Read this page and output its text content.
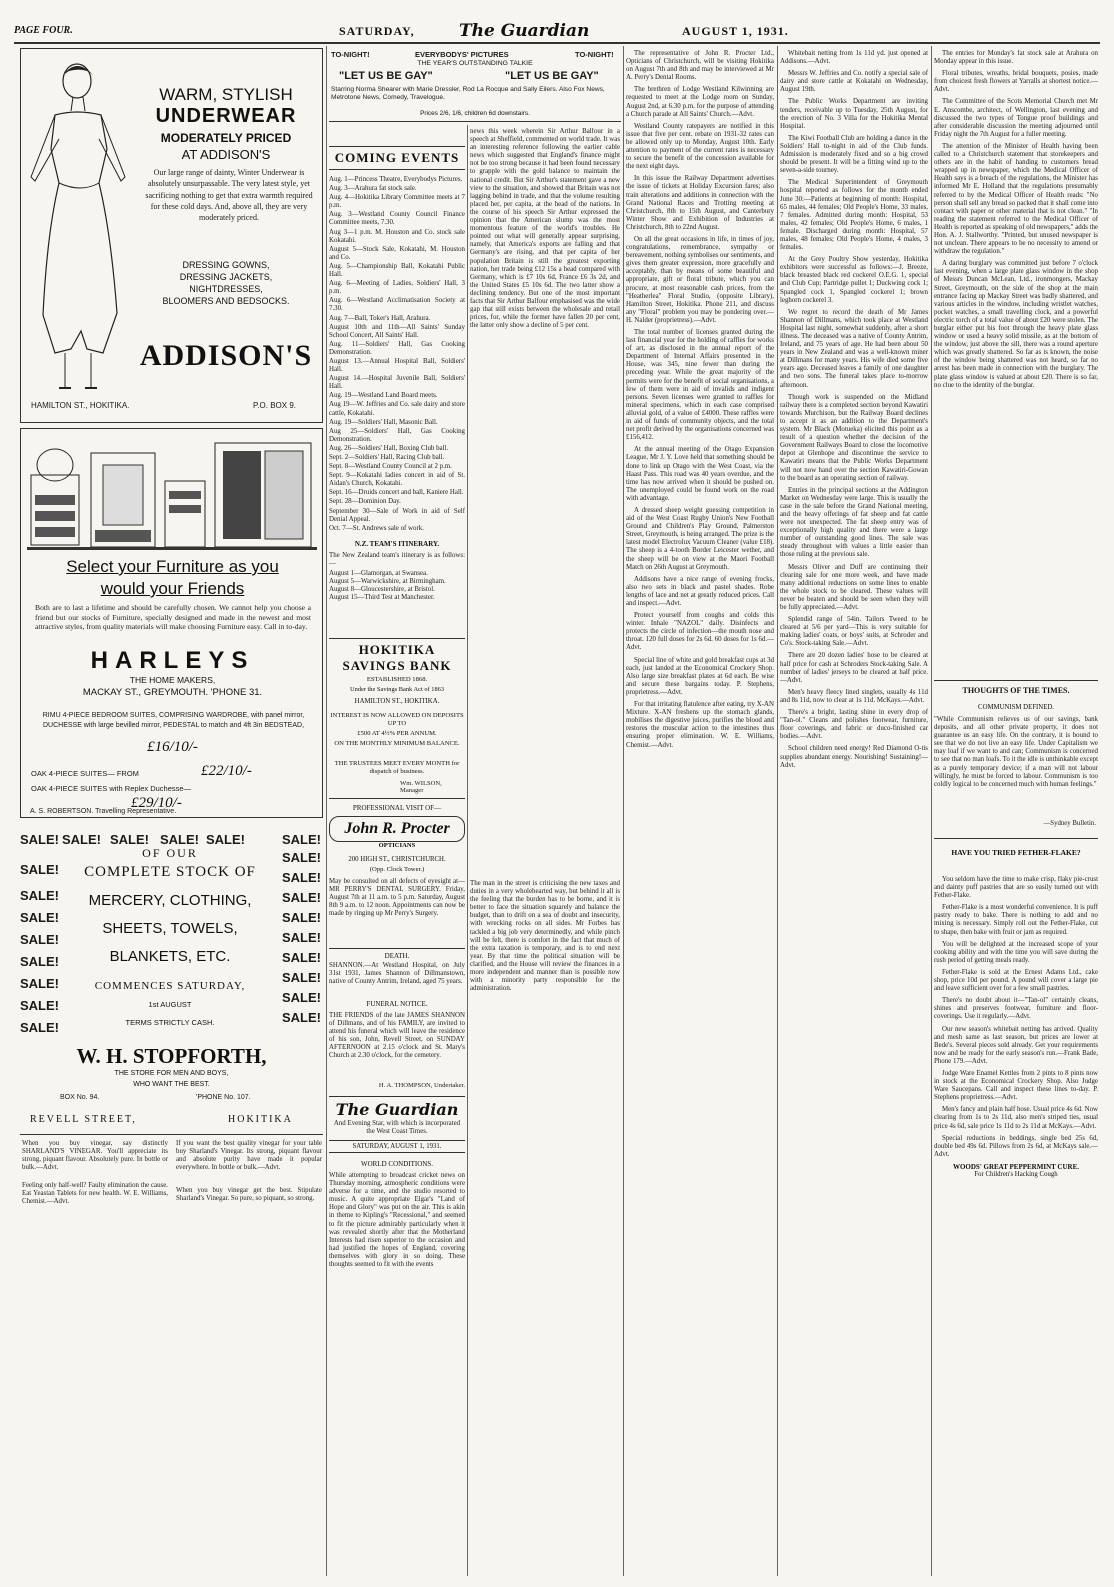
PAGE FOUR.	SATURDAY,	The Guardian	AUGUST 1, 1931.
WARM, STYLISH
UNDERWEAR
MODERATELY PRICED
AT ADDISON'S
Our large range of dainty, Winter Underwear is absolutely unsurpassable. The very latest style, yet sacrificing nothing to get that extra warmth required for these cold days. And, above all, they are very moderately priced.
DRESSING GOWNS,
DRESSING JACKETS,
NIGHTDRESSES,
BLOOMERS AND BEDSOCKS.
ADDISON'S
HAMILTON ST., HOKITIKA.	P.O. BOX 9.
Select your Furniture as you
would your Friends
Both are to last a lifetime and should be carefully chosen. We cannot help you choose a friend but our stocks of Furniture, specially designed and made in the newest and most attractive styles, from quality materials will make choosing Furniture easy. Call in to-day.
HARLEYS
THE HOME MAKERS,
MACKAY ST., GREYMOUTH. 'PHONE 31.
RIMU 4-PIECE BEDROOM SUITES, COMPRISING WARDROBE, with panel mirror, DUCHESSE with large bevilled mirror, PEDESTAL to match and 4ft 3in BEDSTEAD,
£16/10/-
OAK 4-PIECE SUITES— FROM	£22/10/-
OAK 4-PIECE SUITES with Replex Duchesse—
£29/10/-
A. S. ROBERTSON. Travelling Representative.
SALE! SALE! SALE! SALE! SALE!	SALE!
OF OUR	SALE!
SALE!	COMPLETE STOCK OF	SALE!
SALE!	SALE!
MERCERY, CLOTHING,
SALE!	SALE!
SHEETS, TOWELS,
SALE!	SALE!
BLANKETS, ETC.
SALE!	SALE!
SALE!	SALE!
COMMENCES SATURDAY,
SALE!
SALE!
1st AUGUST
TERMS STRICTLY CASH.
SALE!
SALE!
W. H. STOPFORTH,
THE STORE FOR MEN AND BOYS,
WHO WANT THE BEST.
BOX No. 94.	'PHONE No. 107.
REVELL STREET,	HOKITIKA
When you buy vinegar, say distinctly SHARLAND'S VINEGAR. You'll appreciate its strong, piquant flavour. Absolutely pure. In bottle or bulk.—Advt.
Feeling only half-well? Faulty elimination the cause. Eat Yeastan Tablets for new health. W. E. Williams, Chemist.—Advt.
If you want the best quality vinegar for your table buy Sharland's Vinegar. Its strong, piquant flavour and absolute purity have made it popular everywhere. In bottle or bulk.—Advt.
When you buy vinegar get the best. Stipulate Sharland's Vinegar. So pure, so piquant, so strong.
TO-NIGHT!	EVERYBODYS' PICTURES	TO-NIGHT!
THE YEAR'S OUTSTANDING TALKIE
"LET US BE GAY"	"LET US BE GAY"
Starring Norma Shearer with Marie Dressler, Rod La Rocque and Sally Eilers. Also Fox News, Metrotone News, Comedy, Travelogue.
Prices 2/6, 1/6, children 6d downstairs.
COMING EVENTS
Aug. 1—Princess Theatre, Everybodys Pictures.
Aug. 3—Arahura fat stock sale.
Aug. 4—Hokitika Library Committee meets at 7 p.m.
Aug. 3—Westland County Council Finance Committee meets, 7.30.
Aug 3—1 p.m. M. Houston and Co. stock sale Kokatahi.
August 5—Stock Sale, Kokatahi, M. Houston and Co.
Aug. 5—Championship Ball, Kokatahi Public Hall.
Aug. 6—Meeting of Ladies, Soldiers' Hall, 3 p.m.
Aug. 6—Westland Acclimatisation Society at 7.30.
Aug. 7—Ball, Toker's Hall, Arahura.
August 10th and 11th—All Saints' Sunday School Concert, All Saints' Hall.
Aug. 11—Soldiers' Hall, Gas Cooking Demonstration.
August 13.—Annual Hospital Ball, Soldiers' Hall.
August 14.—Hospital Juvenile Ball, Soldiers' Hall.
Aug. 19—Westland Land Board meets.
Aug 19—W. Jeffries and Co. sale dairy and store cattle, Kokatahi.
Aug. 19—Soldiers' Hall, Masonic Ball.
Aug 25—Soldiers' Hall, Gas Cooking Demonstration.
Aug. 26—Soldiers' Hall, Boxing Club ball.
Sept. 2—Soldiers' Hall, Racing Club ball.
Sept. 8—Westland County Council at 2 p.m.
Sept. 9—Kokatahi ladies concert in aid of St. Aidan's Church, Kokatahi.
Sept. 16—Druids concert and ball, Kaniere Hall.
Sept. 28—Dominion Day.
September 30—Sale of Work in aid of Self Denial Appeal.
Oct. 7—St. Andrews sale of work.
N.Z. TEAM'S ITINERARY.
The New Zealand team's itinerary is as follows:—
August 1—Glamorgan, at Swansea.
August 5—Warwickshire, at Birmingham.
August 8—Gloucestershire, at Bristol.
August 15—Third Test at Manchester.
HOKITIKA
SAVINGS BANK
ESTABLISHED 1868.
Under the Savings Bank Act of 1863
HAMILTON ST., HOKITIKA.
INTEREST IS NOW ALLOWED ON DEPOSITS UP TO
£500 AT 4½% PER ANNUM.
ON THE MONTHLY MINIMUM BALANCE.
THE TRUSTEES MEET EVERY MONTH for dispatch of business.
Wm. WILSON, Manager
PROFESSIONAL VISIT OF—
John R. Procter
OPTICIANS
200 HIGH ST., CHRISTCHURCH.
(Opp. Clock Tower.)
May be consulted on all defects of eyesight at—MR PERRY'S DENTAL SURGERY. Friday, August 7th at 11 a.m. to 5 p.m. Saturday, August 8th 9 a.m. to 12 noon. Appointments can now be made by ringing up Mr Perry's Surgery.
DEATH.
SHANNON.—At Westland Hospital, on July 31st 1931, James Shannon of Dillmanstown, native of County Antrim, Ireland, aged 75 years.
FUNERAL NOTICE.
THE FRIENDS of the late JAMES SHANNON of Dillmans, and of his FAMILY, are invited to attend his funeral which will leave the residence of his son, John, Revell Street, on SUNDAY AFTERNOON at 2.15 o'clock and St. Mary's Church at 2.30 o'clock, for the cemetery.
H. A. THOMPSON, Undertaker.
The Guardian
And Evening Star, with which is incorporated the West Coast Times.
SATURDAY, AUGUST 1, 1931.
WORLD CONDITIONS.
While attempting to broadcast cricket news on Thursday morning, atmospheric conditions were adverse for a time, and the studio resorted to music. A quite appropriate Elgar's "Land of Hope and Glory" was put on the air. This is akin in theme to Kipling's "Recessional," and seemed to fit the picture admirably particularly when it was revealed shortly after that the Motherland Interests had risen superior to the occasion and had justified the hopes of England, covering themselves with glory in so doing. These thoughts seemed to fit with the events
news this week wherein Sir Arthur Balfour in a speech at Sheffield, commented on world trade. It was an interesting reference following the earlier cable news which suggested that England's finance might not be too strong because it had been found necessary to grapple with the gold balance to maintain the national credit. But Sir Arthur's statement gave a new view to the situation, and showed that Britain was not lagging behind in trade, and that the volume resulting placed her, per capita, at the head of the nations. In the course of his speech Sir Arthur expressed the opinion that the American slump was the most momentous feature of the world's troubles. He pointed out what will generally appear surprising, namely, that America's exports are falling and that Germany's are rising, and that per capita of her population Britain is still the greatest exporting nation, her trade being £12 15s a head compared with Germany, which is £7 10s 6d, France £6 3s 2d, and the United States £5 10s 6d. The two latter show a declining tendency. But one of the most important facts that Sir Arthur Balfour emphasised was the wide gap that still exists between the wholesale and retail prices, for, while the former have fallen 20 per cent, the latter only show a decline of 5 per cent.
The man in the street is criticising the new taxes and duties in a very wholehearted way, but behind it all is the feeling that the burden has to be borne, and it is better to face the situation squarely and balance the budget, than to drift on a sea of doubt and insecurity, with wrecking rocks on all sides. Mr Forbes has tackled a big job very determinedly, and while pinch will be felt, there is comfort in the fact that much of the extra taxation is temporary, and is to end next year. By that time the political situation will be clarified, and the House will review the finances in a more independent and manner than is possible now with a minority party responsible for the administration.

The representative of John R. Procter Ltd., Opticians of Christchurch, will be visiting Hokitika on August 7th and 8th and may be interviewed at Mr A. Perry's Dental Rooms.

The brethren of Lodge Westland Kilwinning are requested to meet at the Lodge room on Sunday, August 2nd, at 6.30 p.m. for the purpose of attending a Church parade at All Saints' Church.—Advt.

Westland County ratepayers are notified in this issue that five per cent. rebate on 1931-32 rates can be allowed only up to Monday, August 10th. Early attention to payment of the current rates is necessary to secure the benefit of the concession available for the next eight days.

In this issue the Railway Department advertises the issue of tickets at Holiday Excursion fares; also train alterations and additions in connection with the Grand National Races and Trotting meeting at Christchurch, 8th to 15th August, and Canterbury Winter Show and Exhibition of Industries at Christchurch, 8th to 22nd August.

On all the great occasions in life, in times of joy, congratulations, remembrance, sympathy or bereavement, nothing symbolises our sentiments, and gives them greater expression, more gracefully and acceptably, than by means of some beautiful and appropriate, gift or floral tribute, which you can procure, at most reasonable cash prices, from the "Heatherlea" Floral Studio, (opposite Library), Hamilton Street, Hokitika. Phone 211, and discuss any "Floral" problem you may be pondering over.—H. Nalder (proprietress).—Advt.

The total number of licenses granted during the last financial year for the holding of raffles for works of art, as disclosed in the annual report of the Department of Internal Affairs presented in the House, was 345, nine fewer than during the preceding year. While the great majority of the permits were for the benefit of social organisations, a few of them were in aid of invalids and indigent persons. Seven licenses were granted to raffles for mineral specimens, which in each case comprised alluvial gold, of a value of £4000. These raffles were in aid of funds of community objects, and the total net profit derived by the organisations concerned was £156,412.

At the annual meeting of the Otago Expansion League, Mr J. Y. Love held that something should be done to link up Otago with the West Coast, via the Haast Pass. This road was 40 years overdue, and the time has now arrived when it should be pushed on. The unemployed could be found work on the road with advantage.

A dressed sheep weight guessing competition in aid of the West Coast Rugby Union's New Football Ground and Children's Play Ground, Palmerston Street, Greymouth, is being arranged. The prize is the latest model Electrolux Vacuum Cleaner (value £18). The sheep is a 4-tooth Border Leicester wether, and the sheep will be on view at the Maori Football Match on 26th August at Greymouth.

Addisons have a nice range of evening frocks, also two sets in black and pastel shades. Robe lengths of lace and net at greatly reduced prices. Call and inspect.—Advt.

Protect yourself from coughs and colds this winter. Inhale "NAZOL" daily. Disinfects and protects the circle of infection—the mouth nose and throat. 120 full doses for 2s 6d. 60 doses for 1s 6d.—Advt.

Special line of white and gold breakfast cups at 3d each, just landed at the Economical Crockery Shop. Also large size breakfast plates at 6d each. Be wise and secure these bargains today. P. Stephens, proprietress.—Advt.

For that irritating flatulence after eating, try X-AN Mixture. X-AN freshens up the stomach glands, mobilises the digestive juices, purifies the blood and restores the muscular action to the intestines thus ensuring proper elimination. W. E. Williams, Chemist.—Advt.

Whitebait netting from 1s 11d yd. just opened at Addisons.—Advt.

Messrs W. Jeffries and Co. notify a special sale of dairy and store cattle at Kokatahi on Wednesday, August 19th.

The Public Works Department are inviting tenders, receivable up to Tuesday, 25th August, for the erection of No. 3 Villa for the Hokitika Mental Hospital.

The Kiwi Football Club are holding a dance in the Soldiers' Hall to-night in aid of the Club funds. Admission is moderately fixed and so a big crowd should be present. It will be a fitting wind up to the seven-a-side tourney.

The Medical Superintendent of Greymouth hospital reported as follows for the month ended June 30:—Patients at beginning of month: Hospital, 65 males, 44 females; Old People's Home, 33 males, 7 females. Admitted during month: Hospital, 53 males, 42 females; Old People's Home, 6 males, 1 female. Discharged during month: Hospital, 57 males, 48 females; Old People's Home, 4 males, 3 females.

At the Grey Poultry Show yesterday, Hokitika exhibitors were successful as follows:—J. Breeze, black breasted black red cockerel O.E.G. 1, special and Club Cup; Partridge pullet 1; Duckwing cock 1; Spangled cock 1, Spangled cockerel 1; brown leghorn cockerel 3.

We regret to record the death of Mr James Shannon of Dillmans, which took place at Westland Hospital last night, somewhat suddenly, after a short illness. The deceased was a native of County Antrim, Ireland, and 75 years of age. He had been about 50 years in New Zealand and was a well-known miner at Dillmans for many years. His wife died some five years ago. Deceased leaves a family of one daughter and two sons. The funeral takes place to-morrow afternoon.

Though work is suspended on the Midland railway there is a completed section beyond Kawatiri towards Murchison, but the Railway Board declines to accept it as an addition to the Department's system. Mr Black (Motueka) elicited this point as a result of a question whether the decision of the Government Railways Board to close the locomotive depot at Glenhope and discontinue the service to Kawatiri means that the Public Works Department will not now hand over the section Kawatiri-Gowan to the board as an operating section of railway.

Entries in the principal sections at the Addington Market on Wednesday were large. This is usually the case in the sale before the Grand National meeting, and the heavy offerings of fat sheep and fat cattle were not unexpected. The fat sheep entry was of exceptionally high quality and there were a large number of outstanding good lines. The sale was steady throughout with values a little easier than those ruling at the previous sale.

Messrs Oliver and Duff are continuing their clearing sale for one more week, and have made many additional reductions on some lines to enable the whole stock to be cleared. These values will never be beaten and should be seen when they will be fully appreciated.—Advt.

Splendid range of 54in. Tailors Tweed to be cleared at 5/6 per yard—This is very suitable for making ladies' coats, or boys' suits, at Schroder and Co's. Stock-taking Sale.—Advt.

There are 20 dozen ladies' hose to be cleared at half price for cash at Schroders Stock-taking Sale. A number of ladies' jerseys to be cleared at half price.—Advt.

Men's heavy fleecy lined singlets, usually 4s 11d and 8s 11d, now to clear at 1s 11d. McKays.—Advt.

There's a bright, lasting shine in every drop of "Tan-ol." Cleans and polishes footwear, furniture, floor coverings, and fabric or duco-finished car bodies.—Advt.

School children need energy! Red Diamond O-tis supplies abundant energy. Nourishing! Sustaining!—Advt.

The entries for Monday's fat stock sale at Arahura on Monday appear in this issue.

Floral tributes, wreaths, bridal bouquets, posies, made from choicest fresh flowers at Yarralls at shortest notice.—Advt.

The Committee of the Scots Memorial Church met Mr E. Anscombe, architect, of Wellington, last evening and discussed the two types of Tongue proof buildings and after considerable discussion the meeting adjourned until Friday night the 7th August for a fuller meeting.

The attention of the Minister of Health having been called to a Christchurch statement that storekeepers and others are in the habit of handing to customers bread wrapped up in newspaper, which the Medical Officer of Health says is a breach of the regulations, the Minister has informed Mr E. Holland that the regulations presumably referred to by the Medical Officer of Health reads: "No person shall sell any bread so packed that it shall come into contact with paper or other material that is not clean." "In reading the statement referred to the Medical Officer of Health is reported as speaking of old newspapers," adds the Hon. A. J. Stallworthy. "Printed, but unused newspaper is not unclean. There appears to be no necessity to amend or withdraw the regulation."

A daring burglary was committed just before 7 o'clock last evening, when a large plate glass window in the shop of Messrs Duncan McLean, Ltd., ironmongers, Mackay Street, Greymouth, on the side of the shop at the main entrance facing up Mackay Street was badly shattered, and various articles in the window, including wristlet watches, pocket watches, a small travelling clock, and a powerful electric torch of a total value of about £20 were stolen. The burglar either put his foot through the heavy plate glass window or used a heavy solid missile, as at the bottom of the window, just above the sill, there was a round aperture which was greatly shattered. So far as is known, the noise of the window being shattered was not heard, so far no arrest has been made in connection with the burglary. The plate glass window is valued at about £20. There is so far, no clue to the identity of the burglar.

THOUGHTS OF THE TIMES.
COMMUNISM DEFINED.
"While Communism relieves us of our savings, bank deposits, and all other private property, it does not guarantee us an easy life. On the contrary, it is bound to see that we do not live an easy life. Under Capitalism we may loaf if we want to and can; Communism is concerned to see that no man loafs. To it the idle is unthinkable except as a purely temporary device; if a man will not labour willingly, he must be forced to labour. Communism is too coldly logical to be concerned much with human feelings."
—Sydney Bulletin.
HAVE YOU TRIED FETHER-FLAKE?

You seldom have the time to make crisp, flaky pie-crust and dainty puff pastries that are so easily turned out with Fether-Flake.

Fether-Flake is a most wonderful convenience. It is puff pastry ready to bake. There is nothing to add and no mixing is necessary. Simply roll out the Fether-Flake, cut to shape, then bake with fruit or jam as required.

You will be delighted at the increased scope of your cooking ability and with the time you will save during the rush period of getting meals ready.

Fether-Flake is sold at the Ernest Adams Ltd., cake shop, price 10d per pound. A pound will cover a large pie and leave sufficient over for a few small pastries.

There's no doubt about it—"Tan-ol" certainly cleans, shines and preserves footwear, furniture and floor-coverings. Use it regularly.—Advt.

Our new season's whitebait netting has arrived. Quality and mesh same as last season, but prices are lower at Bede's. Several pieces sold already. Get your requirements now and be ready for the early season's run.—Frank Bade, Phone 179.—Advt.

Judge Ware Enamel Kettles from 2 pints to 8 pints now in stock at the Economical Crockery Shop. Also Judge Ware Saucepans. Call and inspect these lines to-day. P. Stephens proprietress.—Advt.

Men's fancy and plain half hose. Usual price 4s 6d. Now clearing from 1s to 2s 11d, also men's striped ties, usual price 4s 6d, sale price 1s 11d to 2s 11d at McKays.—Advt.

Special reductions in beddings, single bed 25s 6d, double bed 49s 6d. Pillows from 2s 6d, at McKays sale.—Advt.

WOODS' GREAT PEPPERMINT CURE.
For Children's Hacking Cough
